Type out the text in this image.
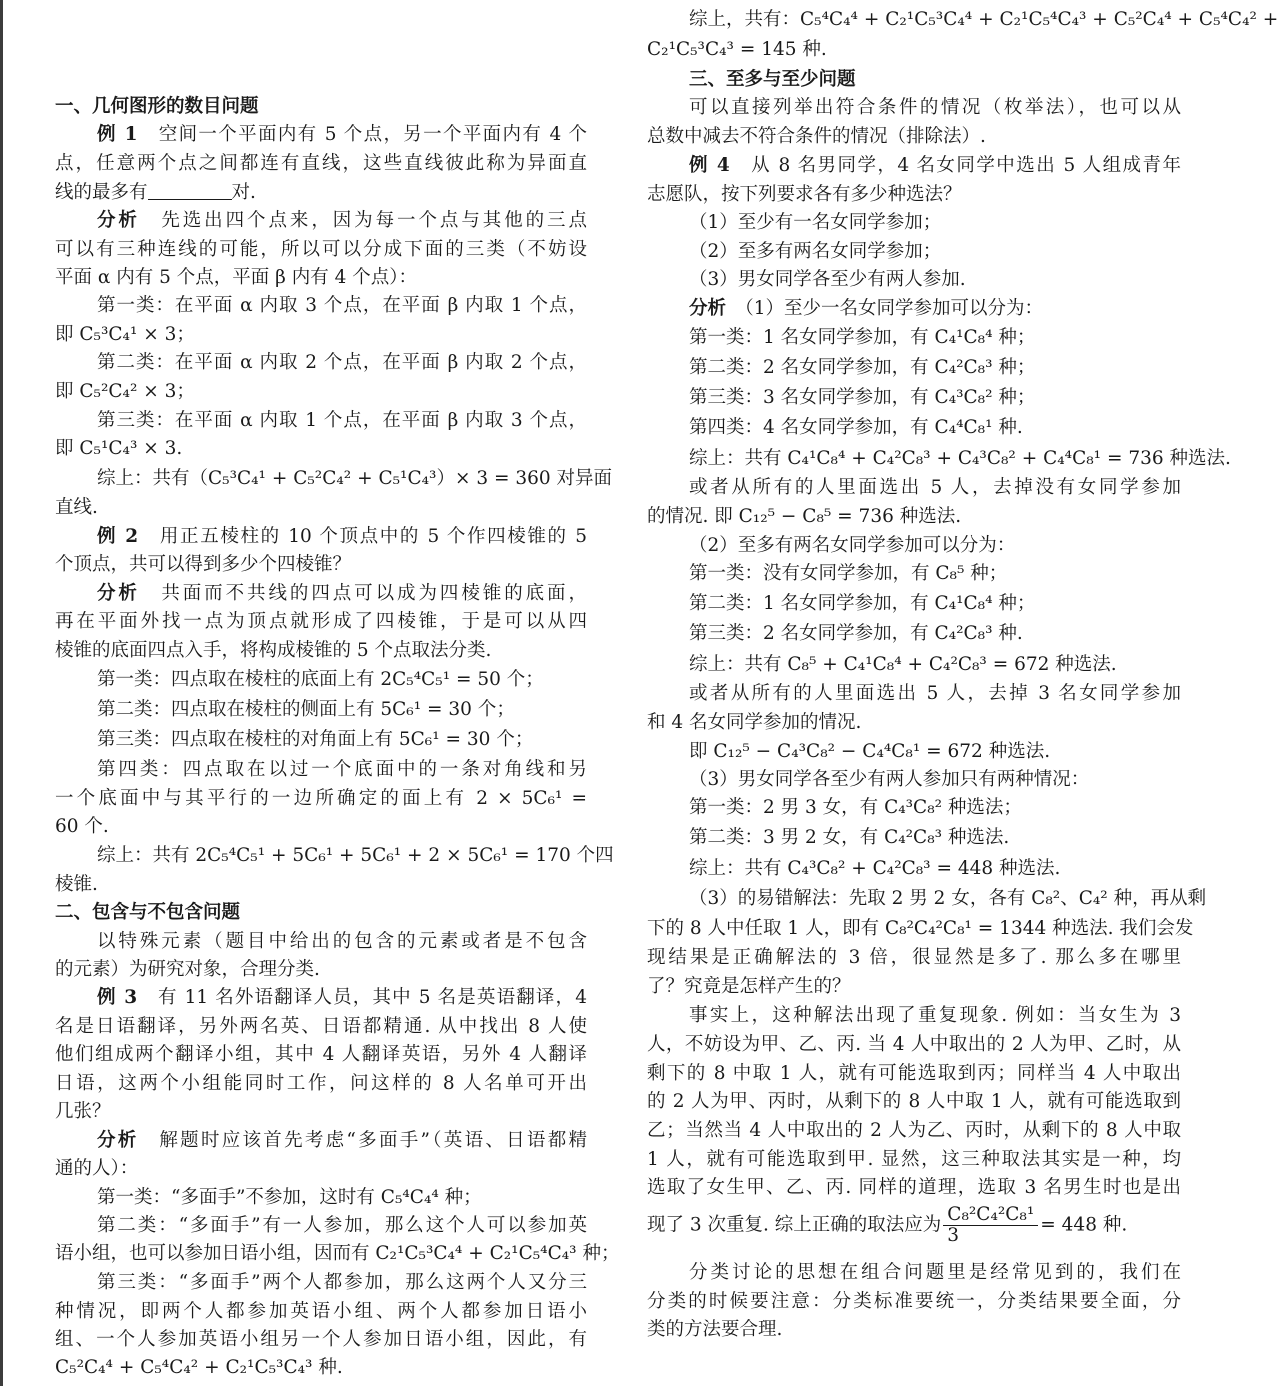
一、几何图形的数目问题
例 1　 空间一个平面内有 5 个点，另一个平面内有 4 个
点，任意两个点之间都连有直线，这些直线彼此称为异面直
线的最多有	对.
分析　 先选出四个点来，因为每一个点与其他的三点
可以有三种连线的可能，所以可以分成下面的三类（不妨设
平面 α 内有 5 个点，平面 β 内有 4 个点）：
第一类：在平面 α 内取 3 个点，在平面 β 内取 1 个点，
即 C₅³C₄¹ × 3；
第二类：在平面 α 内取 2 个点，在平面 β 内取 2 个点，
即 C₅²C₄² × 3；
第三类：在平面 α 内取 1 个点，在平面 β 内取 3 个点，
即 C₅¹C₄³ × 3.
综上：共有（C₅³C₄¹ + C₅²C₄² + C₅¹C₄³）× 3 = 360 对异面
直线.
例 2　 用正五棱柱的 10 个顶点中的 5 个作四棱锥的 5
个顶点，共可以得到多少个四棱锥？
分析　 共面而不共线的四点可以成为四棱锥的底面，
再在平面外找一点为顶点就形成了四棱锥，于是可以从四
棱锥的底面四点入手，将构成棱锥的 5 个点取法分类.
第一类：四点取在棱柱的底面上有 2C₅⁴C₅¹ = 50 个；
第二类：四点取在棱柱的侧面上有 5C₆¹ = 30 个；
第三类：四点取在棱柱的对角面上有 5C₆¹ = 30 个；
第四类：四点取在以过一个底面中的一条对角线和另
一个底面中与其平行的一边所确定的面上有 2 × 5C₆¹ =
60 个.
综上：共有 2C₅⁴C₅¹ + 5C₆¹ + 5C₆¹ + 2 × 5C₆¹ = 170 个四
棱锥.
二、包含与不包含问题
以特殊元素（题目中给出的包含的元素或者是不包含
的元素）为研究对象，合理分类.
例 3　 有 11 名外语翻译人员，其中 5 名是英语翻译，4
名是日语翻译，另外两名英、日语都精通. 从中找出 8 人使
他们组成两个翻译小组，其中 4 人翻译英语，另外 4 人翻译
日语，这两个小组能同时工作，问这样的 8 人名单可开出
几张？
分析　 解题时应该首先考虑“多面手”（英语、日语都精
通的人）：
第一类：“多面手”不参加，这时有 C₅⁴C₄⁴ 种；
第二类：“多面手”有一人参加，那么这个人可以参加英
语小组，也可以参加日语小组，因而有 C₂¹C₅³C₄⁴ + C₂¹C₅⁴C₄³ 种；
第三类：“多面手”两个人都参加，那么这两个人又分三
种情况，即两个人都参加英语小组、两个人都参加日语小
组、一个人参加英语小组另一个人参加日语小组，因此，有
C₅²C₄⁴ + C₅⁴C₄² + C₂¹C₅³C₄³ 种.
综上，共有：C₅⁴C₄⁴ + C₂¹C₅³C₄⁴ + C₂¹C₅⁴C₄³ + C₅²C₄⁴ + C₅⁴C₄² +
C₂¹C₅³C₄³ = 145 种.
三、至多与至少问题
可以直接列举出符合条件的情况（枚举法），也可以从
总数中减去不符合条件的情况（排除法）.
例 4　 从 8 名男同学，4 名女同学中选出 5 人组成青年
志愿队，按下列要求各有多少种选法？
（1）至少有一名女同学参加；
（2）至多有两名女同学参加；
（3）男女同学各至少有两人参加.
分析　 （1）至少一名女同学参加可以分为：
第一类：1 名女同学参加，有 C₄¹C₈⁴ 种；
第二类：2 名女同学参加，有 C₄²C₈³ 种；
第三类：3 名女同学参加，有 C₄³C₈² 种；
第四类：4 名女同学参加，有 C₄⁴C₈¹ 种.
综上：共有 C₄¹C₈⁴ + C₄²C₈³ + C₄³C₈² + C₄⁴C₈¹ = 736 种选法.
或者从所有的人里面选出 5 人，去掉没有女同学参加
的情况. 即 C₁₂⁵ − C₈⁵ = 736 种选法.
（2）至多有两名女同学参加可以分为：
第一类：没有女同学参加，有 C₈⁵ 种；
第二类：1 名女同学参加，有 C₄¹C₈⁴ 种；
第三类：2 名女同学参加，有 C₄²C₈³ 种.
综上：共有 C₈⁵ + C₄¹C₈⁴ + C₄²C₈³ = 672 种选法.
或者从所有的人里面选出 5 人，去掉 3 名女同学参加
和 4 名女同学参加的情况.
即 C₁₂⁵ − C₄³C₈² − C₄⁴C₈¹ = 672 种选法.
（3）男女同学各至少有两人参加只有两种情况：
第一类：2 男 3 女，有 C₄³C₈² 种选法；
第二类：3 男 2 女，有 C₄²C₈³ 种选法.
综上：共有 C₄³C₈² + C₄²C₈³ = 448 种选法.
（3）的易错解法：先取 2 男 2 女，各有 C₈²、C₄² 种，再从剩
下的 8 人中任取 1 人，即有 C₈²C₄²C₈¹ = 1344 种选法. 我们会发
现结果是正确解法的 3 倍，很显然是多了. 那么多在哪里
了？究竟是怎样产生的？
事实上，这种解法出现了重复现象. 例如：当女生为 3
人，不妨设为甲、乙、丙. 当 4 人中取出的 2 人为甲、乙时，从
剩下的 8 中取 1 人，就有可能选取到丙；同样当 4 人中取出
的 2 人为甲、丙时，从剩下的 8 人中取 1 人，就有可能选取到
乙；当然当 4 人中取出的 2 人为乙、丙时，从剩下的 8 人中取
1 人，就有可能选取到甲. 显然，这三种取法其实是一种，均
选取了女生甲、乙、丙. 同样的道理，选取 3 名男生时也是出
现了 3 次重复. 综上正确的取法应为 $\frac{\text{C₈²C₄²C₈¹}}{3} = 448$ 种.
分类讨论的思想在组合问题里是经常见到的，我们在
分类的时候要注意：分类标准要统一，分类结果要全面，分
类的方法要合理.
